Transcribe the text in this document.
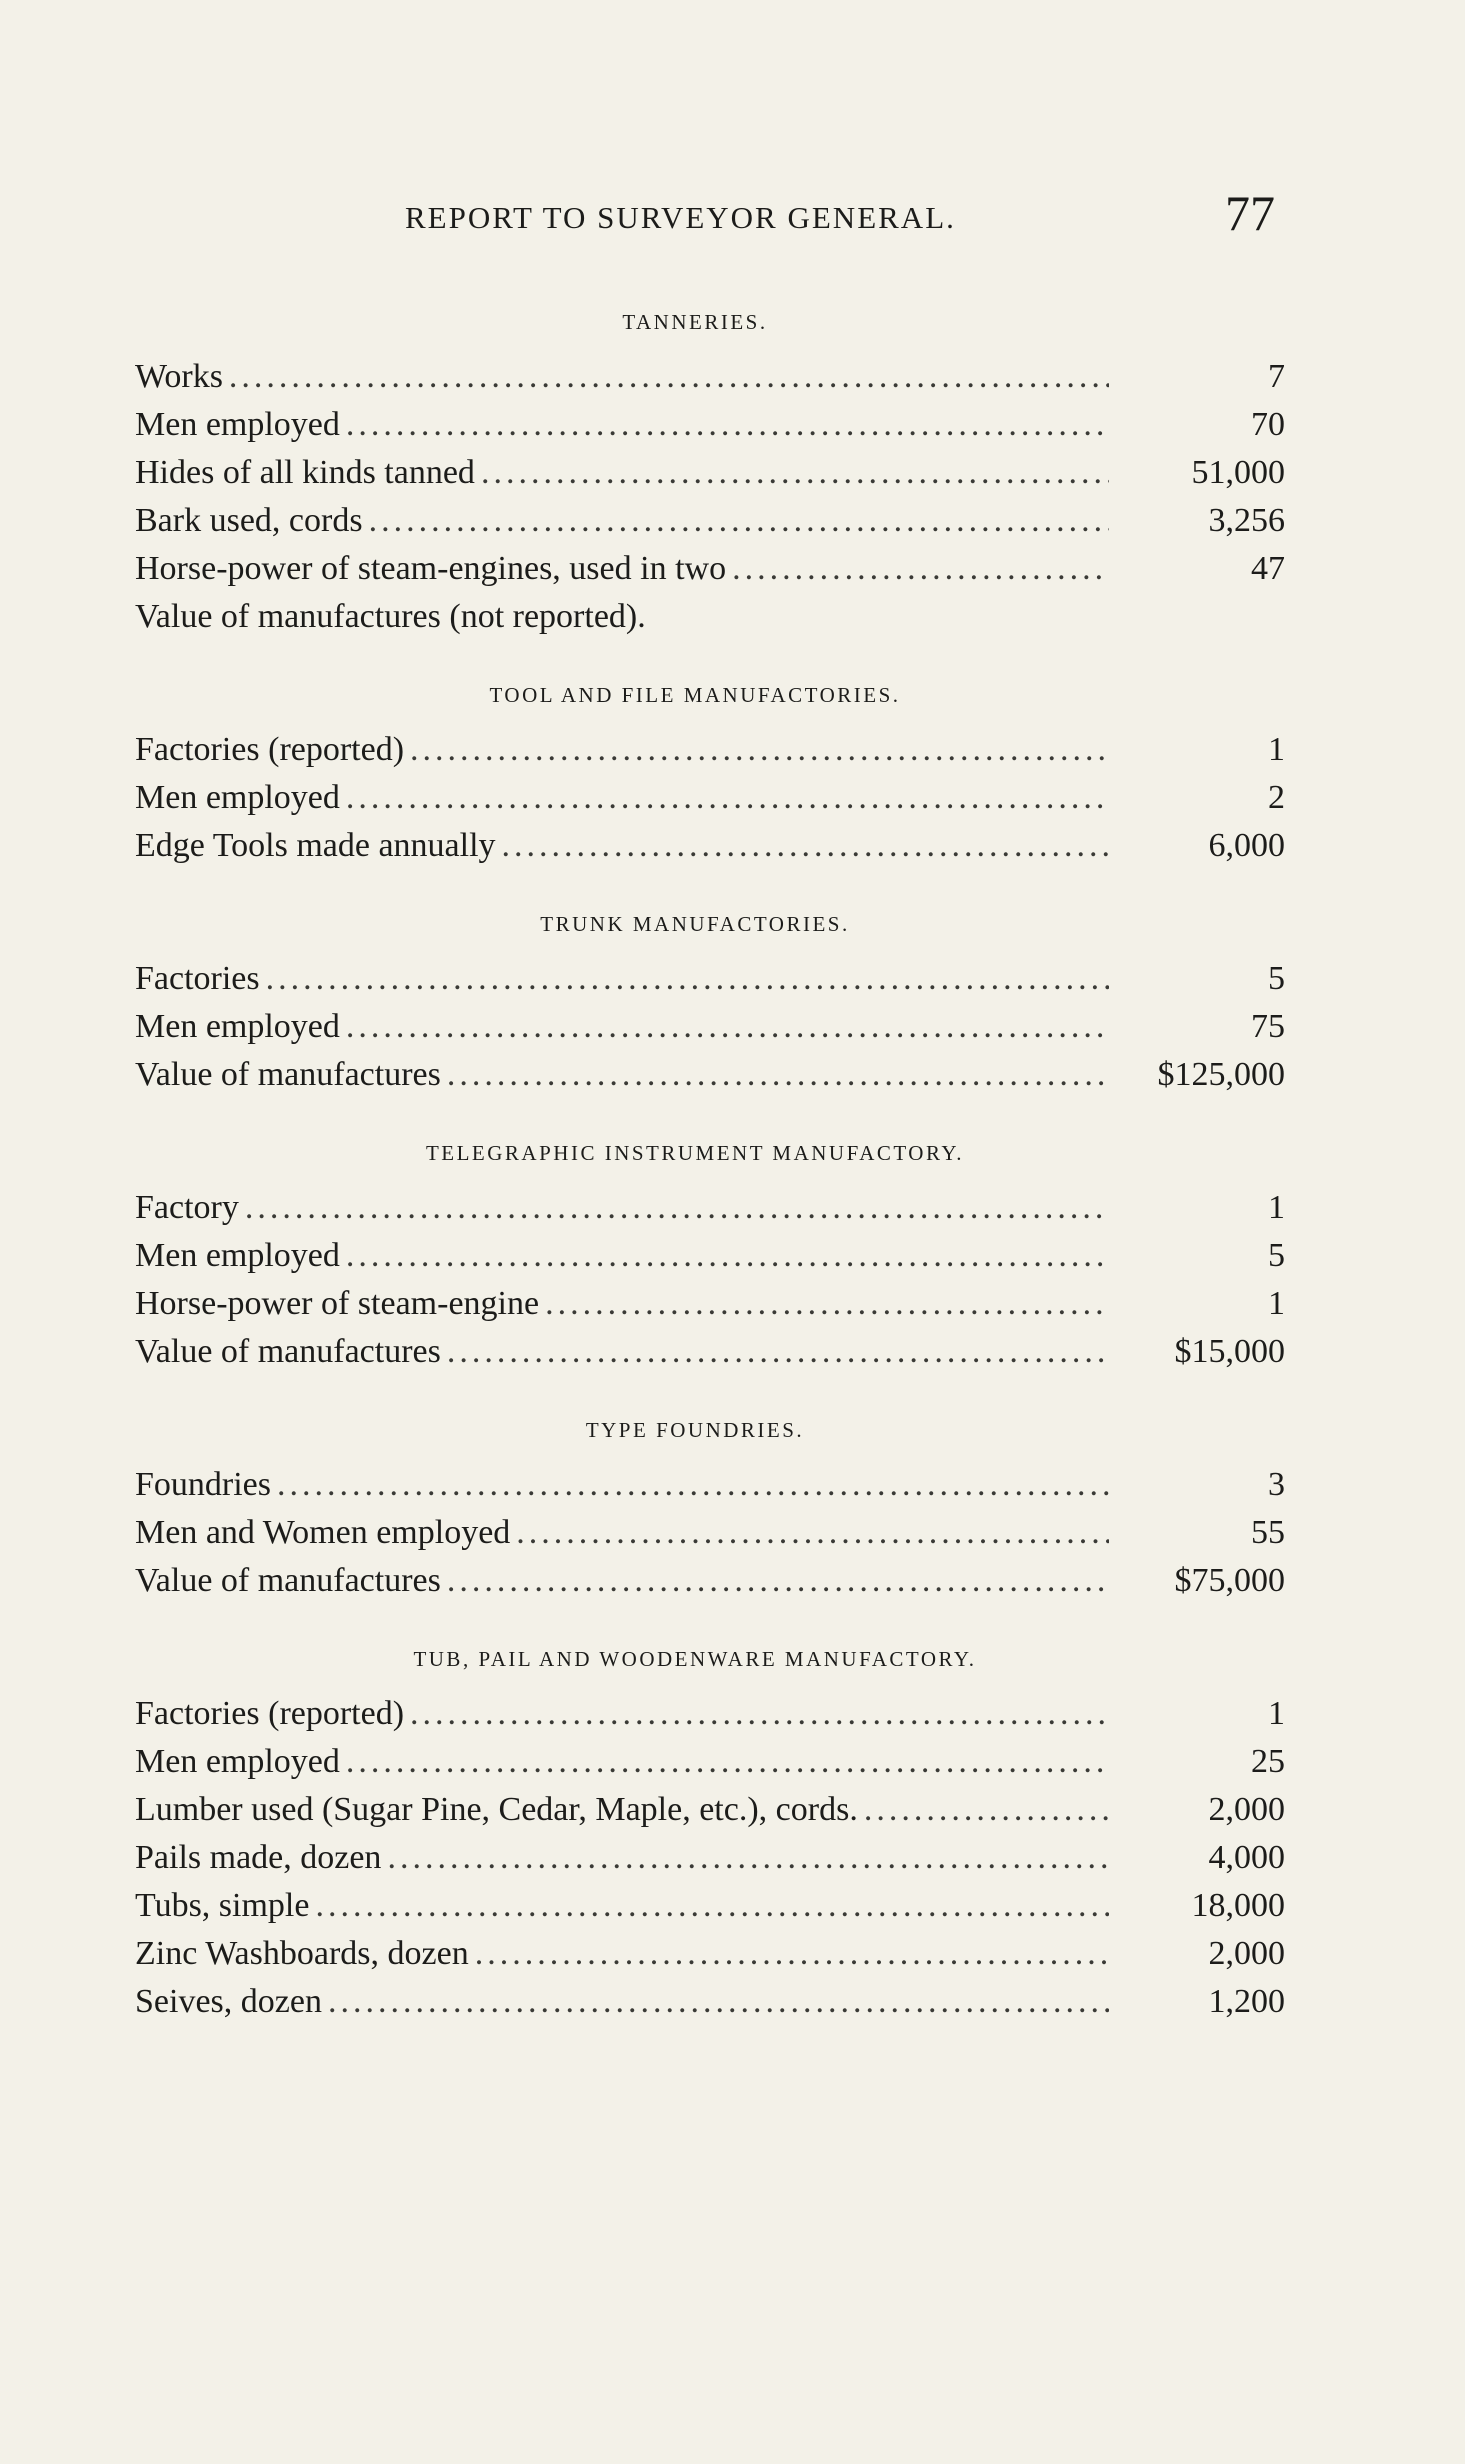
REPORT TO SURVEYOR GENERAL.	77
TANNERIES.
Works .....	7
Men employed .....	70
Hides of all kinds tanned .....	51,000
Bark used, cords .....	3,256
Horse-power of steam-engines, used in two .....	47
Value of manufactures (not reported).
TOOL AND FILE MANUFACTORIES.
Factories (reported) .....	1
Men employed .....	2
Edge Tools made annually .....	6,000
TRUNK MANUFACTORIES.
Factories .....	5
Men employed .....	75
Value of manufactures .....	$125,000
TELEGRAPHIC INSTRUMENT MANUFACTORY.
Factory .....	1
Men employed .....	5
Horse-power of steam-engine .....	1
Value of manufactures .....	$15,000
TYPE FOUNDRIES.
Foundries .....	3
Men and Women employed .....	55
Value of manufactures .....	$75,000
TUB, PAIL AND WOODENWARE MANUFACTORY.
Factories (reported) .....	1
Men employed .....	25
Lumber used (Sugar Pine, Cedar, Maple, etc.), cords. .....	2,000
Pails made, dozen .....	4,000
Tubs, simple .....	18,000
Zinc Washboards, dozen .....	2,000
Seives, dozen .....	1,200
